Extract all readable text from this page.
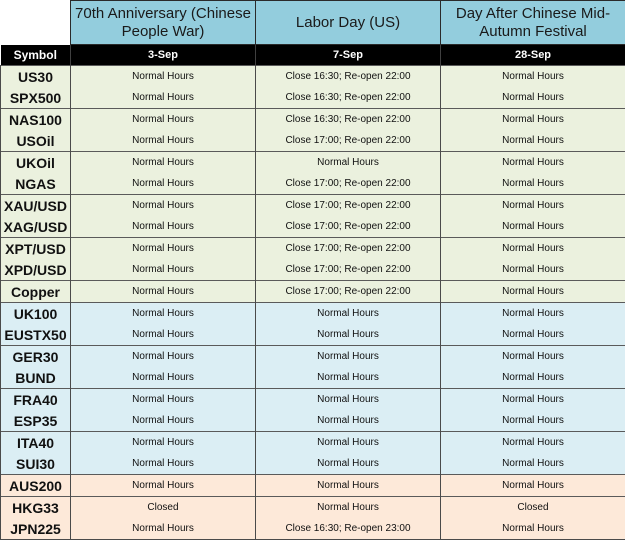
	70th Anniversary (Chinese People War)	Labor Day (US)	Day After Chinese Mid-Autumn Festival
Symbol	3-Sep	7-Sep	28-Sep
US30	Normal Hours	Close 16:30; Re-open 22:00	Normal Hours
SPX500	Normal Hours	Close 16:30; Re-open 22:00	Normal Hours
NAS100	Normal Hours	Close 16:30; Re-open 22:00	Normal Hours
USOil	Normal Hours	Close 17:00; Re-open 22:00	Normal Hours
UKOil	Normal Hours	Normal Hours	Normal Hours
NGAS	Normal Hours	Close 17:00; Re-open 22:00	Normal Hours
XAU/USD	Normal Hours	Close 17:00; Re-open 22:00	Normal Hours
XAG/USD	Normal Hours	Close 17:00; Re-open 22:00	Normal Hours
XPT/USD	Normal Hours	Close 17:00; Re-open 22:00	Normal Hours
XPD/USD	Normal Hours	Close 17:00; Re-open 22:00	Normal Hours
Copper	Normal Hours	Close 17:00; Re-open 22:00	Normal Hours
UK100	Normal Hours	Normal Hours	Normal Hours
EUSTX50	Normal Hours	Normal Hours	Normal Hours
GER30	Normal Hours	Normal Hours	Normal Hours
BUND	Normal Hours	Normal Hours	Normal Hours
FRA40	Normal Hours	Normal Hours	Normal Hours
ESP35	Normal Hours	Normal Hours	Normal Hours
ITA40	Normal Hours	Normal Hours	Normal Hours
SUI30	Normal Hours	Normal Hours	Normal Hours
AUS200	Normal Hours	Normal Hours	Normal Hours
HKG33	Closed	Normal Hours	Closed
JPN225	Normal Hours	Close 16:30; Re-open 23:00	Normal Hours
